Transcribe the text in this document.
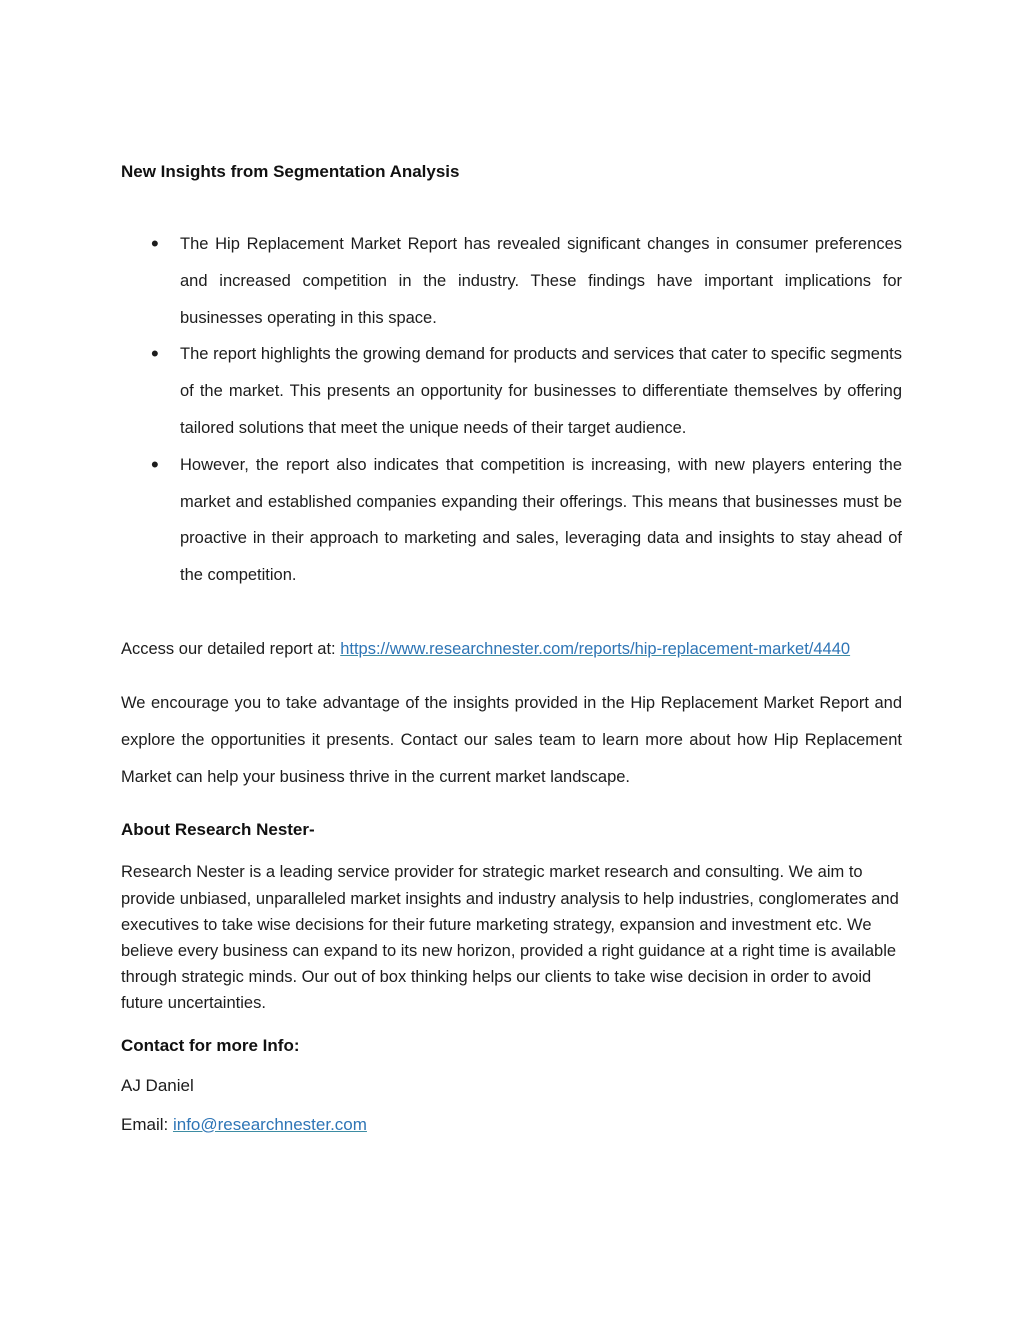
New Insights from Segmentation Analysis
• The Hip Replacement Market Report has revealed significant changes in consumer preferences and increased competition in the industry. These findings have important implications for businesses operating in this space.
• The report highlights the growing demand for products and services that cater to specific segments of the market. This presents an opportunity for businesses to differentiate themselves by offering tailored solutions that meet the unique needs of their target audience.
• However, the report also indicates that competition is increasing, with new players entering the market and established companies expanding their offerings. This means that businesses must be proactive in their approach to marketing and sales, leveraging data and insights to stay ahead of the competition.
Access our detailed report at: https://www.researchnester.com/reports/hip-replacement-market/4440
We encourage you to take advantage of the insights provided in the Hip Replacement Market Report and explore the opportunities it presents. Contact our sales team to learn more about how Hip Replacement Market can help your business thrive in the current market landscape.
About Research Nester-
Research Nester is a leading service provider for strategic market research and consulting. We aim to provide unbiased, unparalleled market insights and industry analysis to help industries, conglomerates and executives to take wise decisions for their future marketing strategy, expansion and investment etc. We believe every business can expand to its new horizon, provided a right guidance at a right time is available through strategic minds. Our out of box thinking helps our clients to take wise decision in order to avoid future uncertainties.
Contact for more Info:
AJ Daniel
Email: info@researchnester.com
